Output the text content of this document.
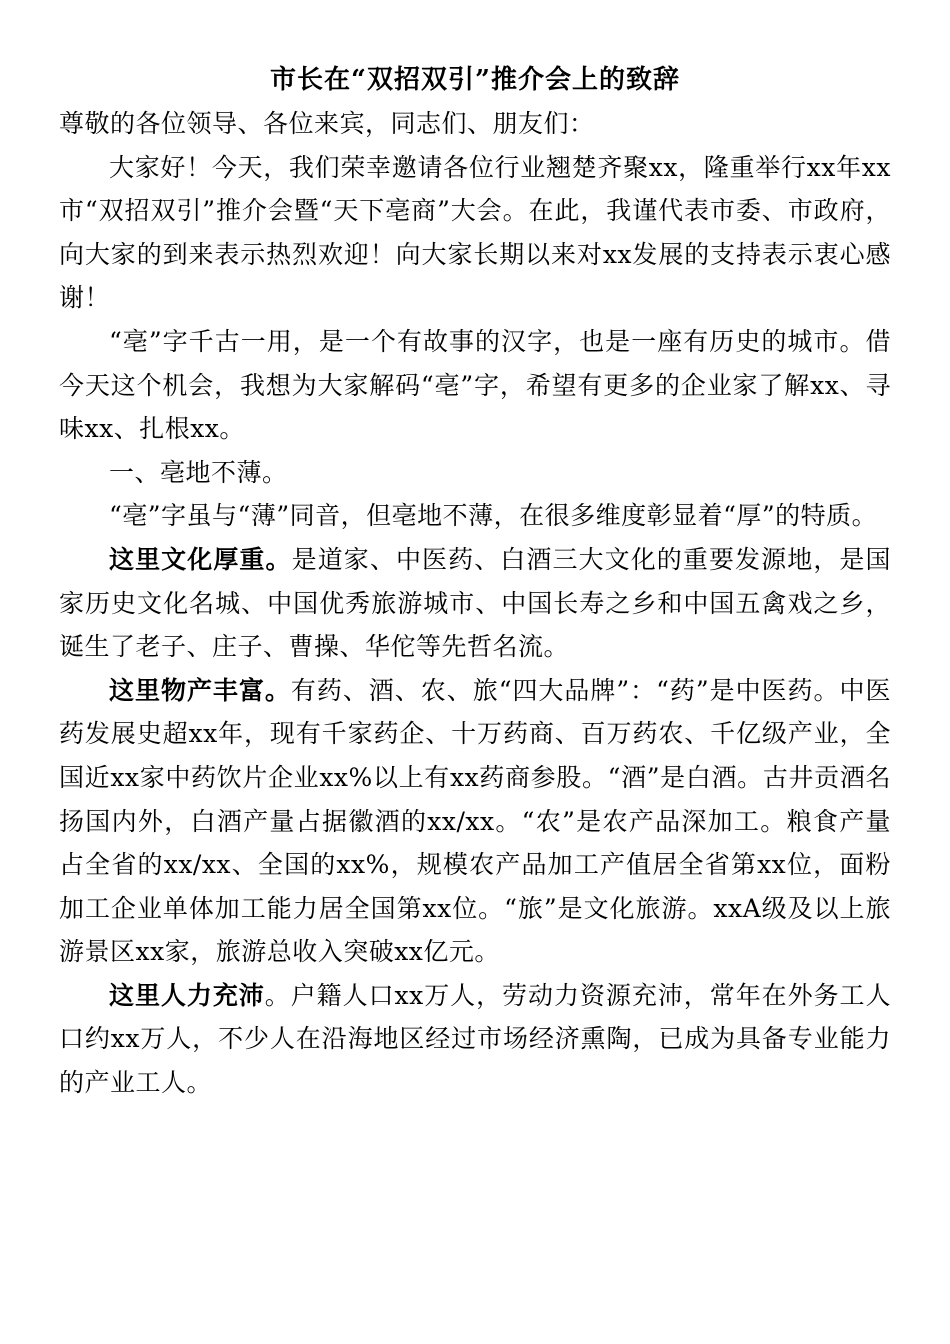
市长在“双招双引”推介会上的致辞

尊敬的各位领导、各位来宾，同志们、朋友们：

大家好！今天，我们荣幸邀请各位行业翘楚齐聚xx，隆重举行xx年xx市“双招双引”推介会暨“天下亳商”大会。在此，我谨代表市委、市政府，向大家的到来表示热烈欢迎！向大家长期以来对xx发展的支持表示衷心感谢！

“亳”字千古一用，是一个有故事的汉字，也是一座有历史的城市。借今天这个机会，我想为大家解码“亳”字，希望有更多的企业家了解xx、寻味xx、扎根xx。

一、亳地不薄。

“亳”字虽与“薄”同音，但亳地不薄，在很多维度彰显着“厚”的特质。

这里文化厚重。是道家、中医药、白酒三大文化的重要发源地，是国家历史文化名城、中国优秀旅游城市、中国长寿之乡和中国五禽戏之乡，诞生了老子、庄子、曹操、华佗等先哲名流。

这里物产丰富。有药、酒、农、旅“四大品牌”：“药”是中医药。中医药发展史超xx年，现有千家药企、十万药商、百万药农、千亿级产业，全国近xx家中药饮片企业xx%以上有xx药商参股。“酒”是白酒。古井贡酒名扬国内外，白酒产量占据徽酒的xx/xx。“农”是农产品深加工。粮食产量占全省的xx/xx、全国的xx%，规模农产品加工产值居全省第xx位，面粉加工企业单体加工能力居全国第xx位。“旅”是文化旅游。xxA级及以上旅游景区xx家，旅游总收入突破xx亿元。

这里人力充沛。户籍人口xx万人，劳动力资源充沛，常年在外务工人口约xx万人，不少人在沿海地区经过市场经济熏陶，已成为具备专业能力的产业工人。
